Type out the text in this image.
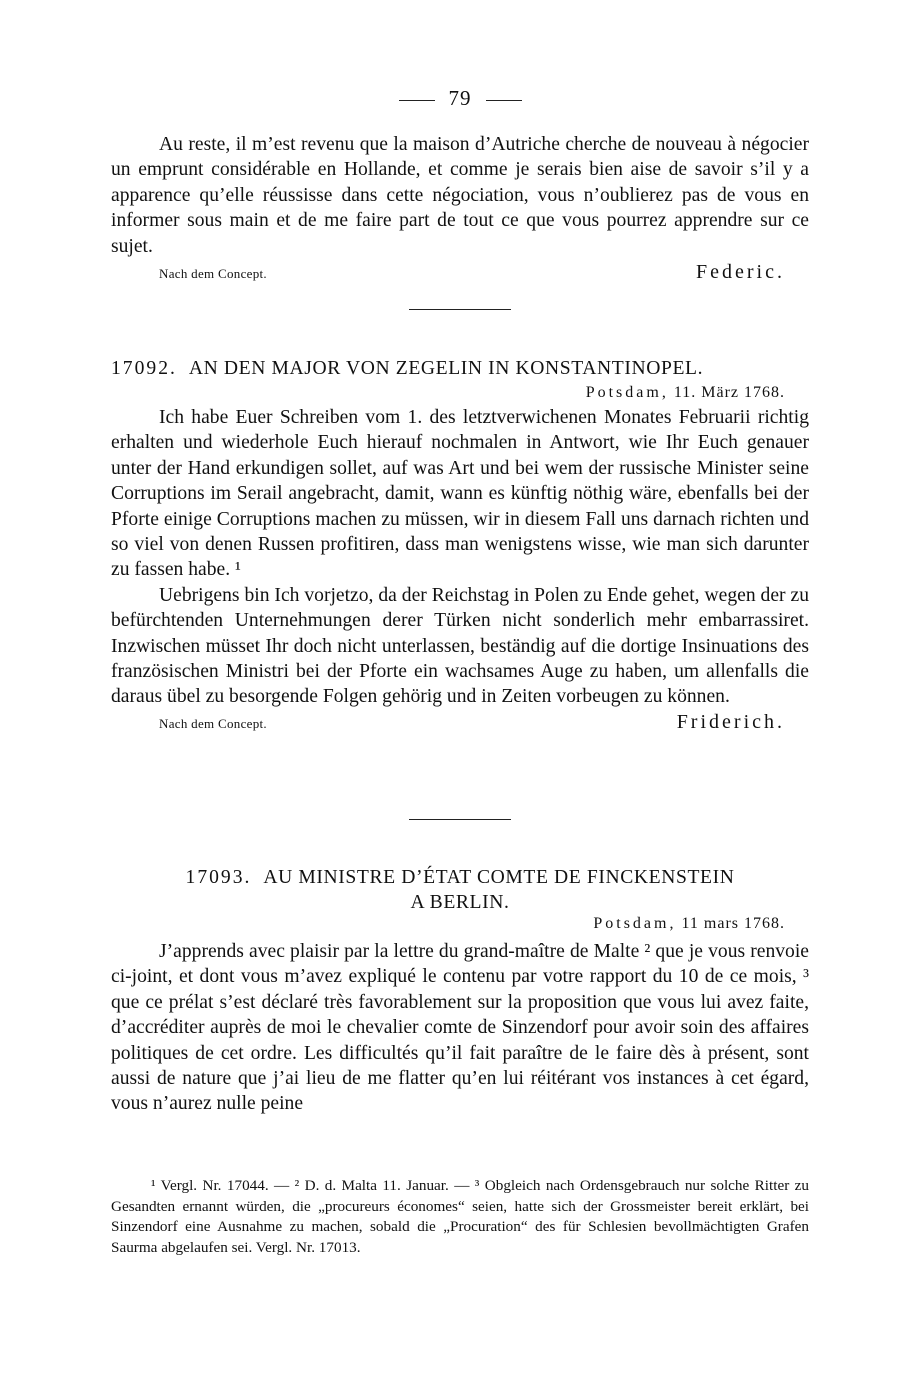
79

Au reste, il m’est revenu que la maison d’Autriche cherche de nouveau à négocier un emprunt considérable en Hollande, et comme je serais bien aise de savoir s’il y a apparence qu’elle réussisse dans cette négociation, vous n’oublierez pas de vous en informer sous main et de me faire part de tout ce que vous pourrez apprendre sur ce sujet.

Nach dem Concept.	Federic.
17092. AN DEN MAJOR VON ZEGELIN IN KONSTANTINOPEL.
Potsdam, 11. März 1768.

Ich habe Euer Schreiben vom 1. des letztverwichenen Monates Februarii richtig erhalten und wiederhole Euch hierauf nochmalen in Antwort, wie Ihr Euch genauer unter der Hand erkundigen sollet, auf was Art und bei wem der russische Minister seine Corruptions im Serail angebracht, damit, wann es künftig nöthig wäre, ebenfalls bei der Pforte einige Corruptions machen zu müssen, wir in diesem Fall uns darnach richten und so viel von denen Russen profitiren, dass man wenigstens wisse, wie man sich darunter zu fassen habe. ¹

Uebrigens bin Ich vorjetzo, da der Reichstag in Polen zu Ende gehet, wegen der zu befürchtenden Unternehmungen derer Türken nicht sonderlich mehr embarrassiret. Inzwischen müsset Ihr doch nicht unterlassen, beständig auf die dortige Insinuations des französischen Ministri bei der Pforte ein wachsames Auge zu haben, um allenfalls die daraus übel zu besorgende Folgen gehörig und in Zeiten vorbeugen zu können.

Nach dem Concept.	Friderich.
17093. AU MINISTRE D’ÉTAT COMTE DE FINCKENSTEIN
A BERLIN.
Potsdam, 11 mars 1768.

J’apprends avec plaisir par la lettre du grand-maître de Malte ² que je vous renvoie ci-joint, et dont vous m’avez expliqué le contenu par votre rapport du 10 de ce mois, ³ que ce prélat s’est déclaré très favorablement sur la proposition que vous lui avez faite, d’accréditer auprès de moi le chevalier comte de Sinzendorf pour avoir soin des affaires politiques de cet ordre. Les difficultés qu’il fait paraître de le faire dès à présent, sont aussi de nature que j’ai lieu de me flatter qu’en lui réitérant vos instances à cet égard, vous n’aurez nulle peine

¹ Vergl. Nr. 17044. — ² D. d. Malta 11. Januar. — ³ Obgleich nach Ordensgebrauch nur solche Ritter zu Gesandten ernannt würden, die „procureurs économes“ seien, hatte sich der Grossmeister bereit erklärt, bei Sinzendorf eine Ausnahme zu machen, sobald die „Procuration“ des für Schlesien bevollmächtigten Grafen Saurma abgelaufen sei. Vergl. Nr. 17013.
